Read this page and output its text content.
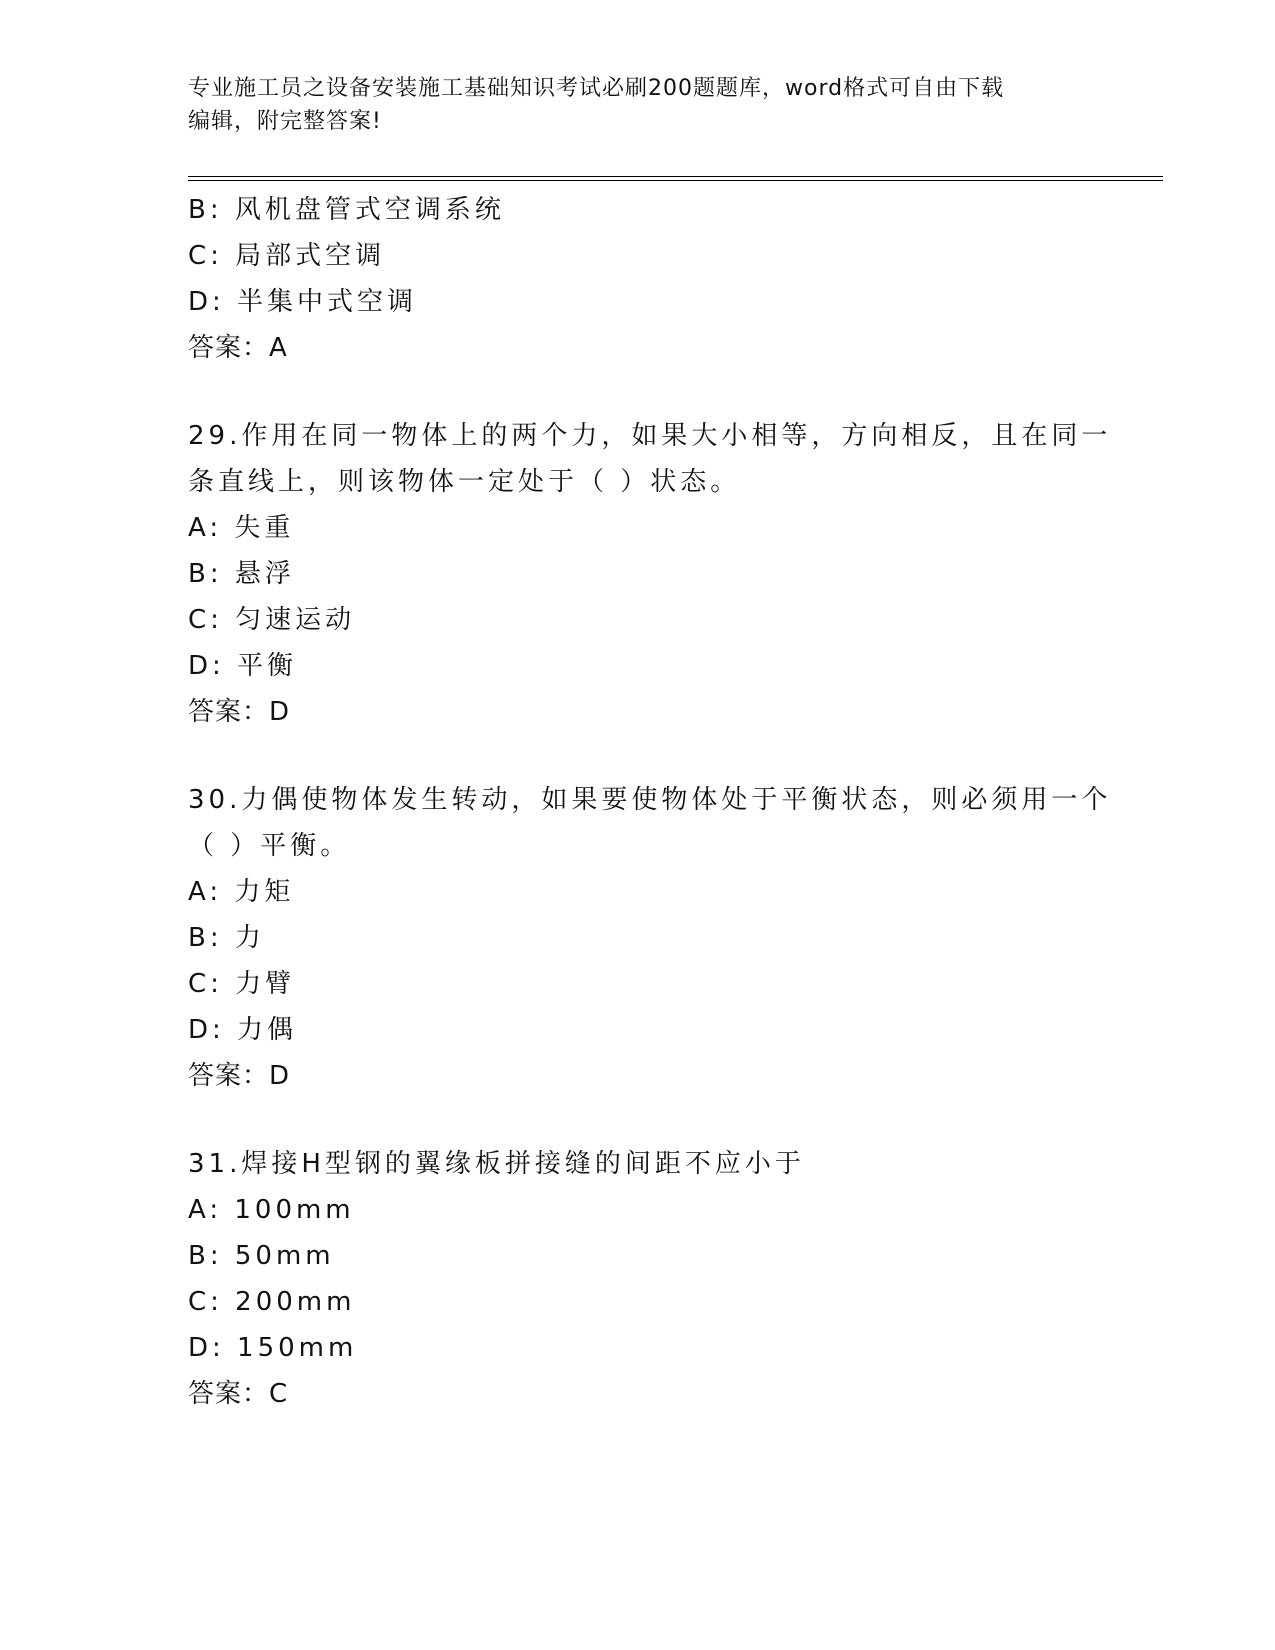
专业施工员之设备安装施工基础知识考试必刷200题题库，word格式可自由下载
编辑，附完整答案!
B: 风机盘管式空调系统
C: 局部式空调
D: 半集中式空调
答案：A
29.作用在同一物体上的两个力，如果大小相等，方向相反，且在同一
条直线上，则该物体一定处于（ ）状态。
A: 失重
B: 悬浮
C: 匀速运动
D: 平衡
答案：D
30.力偶使物体发生转动，如果要使物体处于平衡状态，则必须用一个
（ ）平衡。
A: 力矩
B: 力
C: 力臂
D: 力偶
答案：D
31.焊接H型钢的翼缘板拼接缝的间距不应小于
A: 100mm
B: 50mm
C: 200mm
D: 150mm
答案：C
